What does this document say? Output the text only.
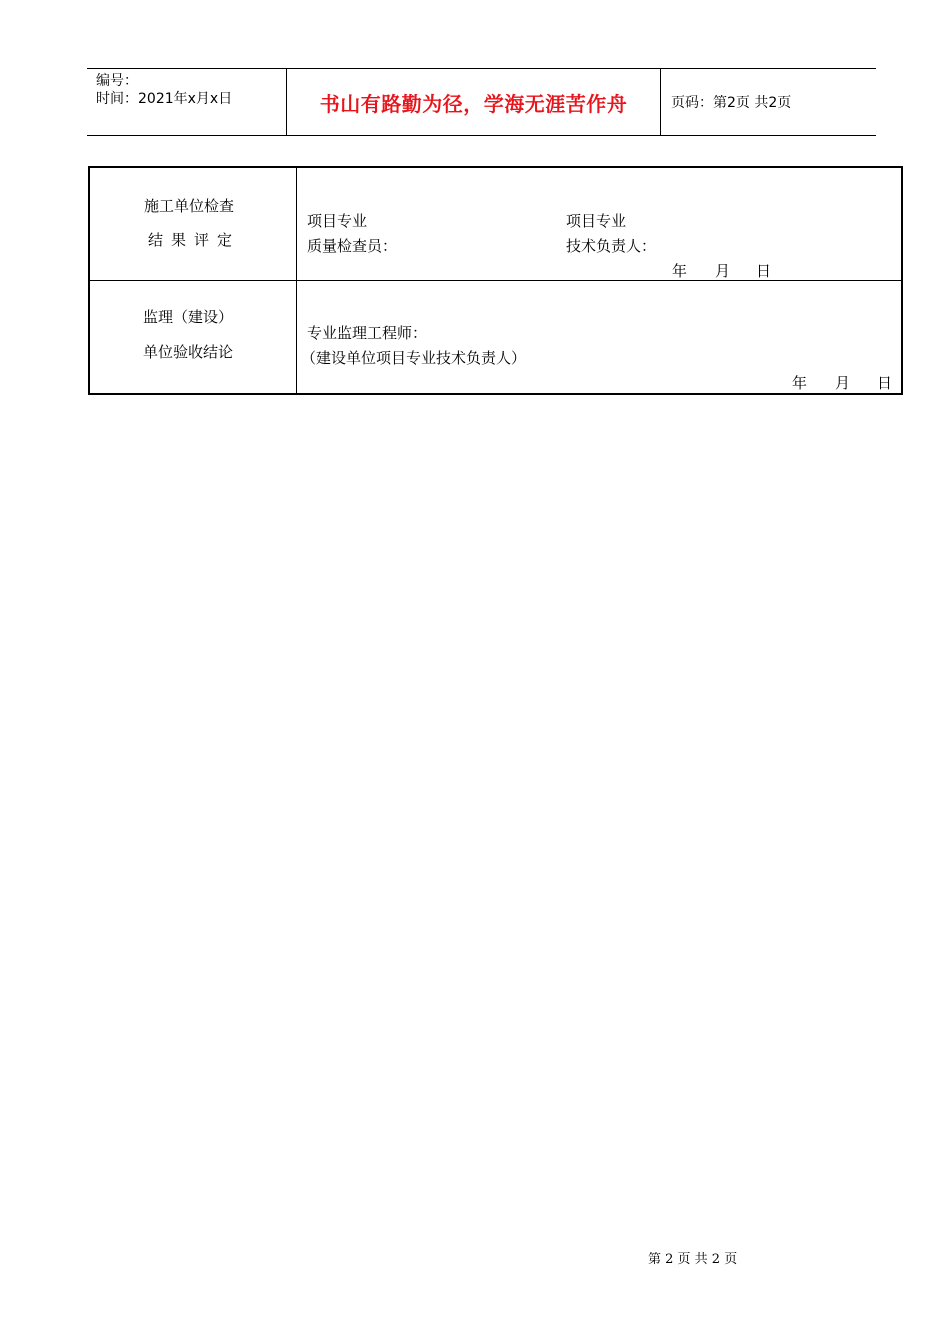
编号：
时间：2021年x月x日	书山有路勤为径，学海无涯苦作舟	页码：第2页 共2页
施工单位检查
结果评定
项目专业
质量检查员：
项目专业
技术负责人：
年 月 日
监理（建设）
单位验收结论
专业监理工程师：
（建设单位项目专业技术负责人）
年 月 日
第 2 页 共 2 页
